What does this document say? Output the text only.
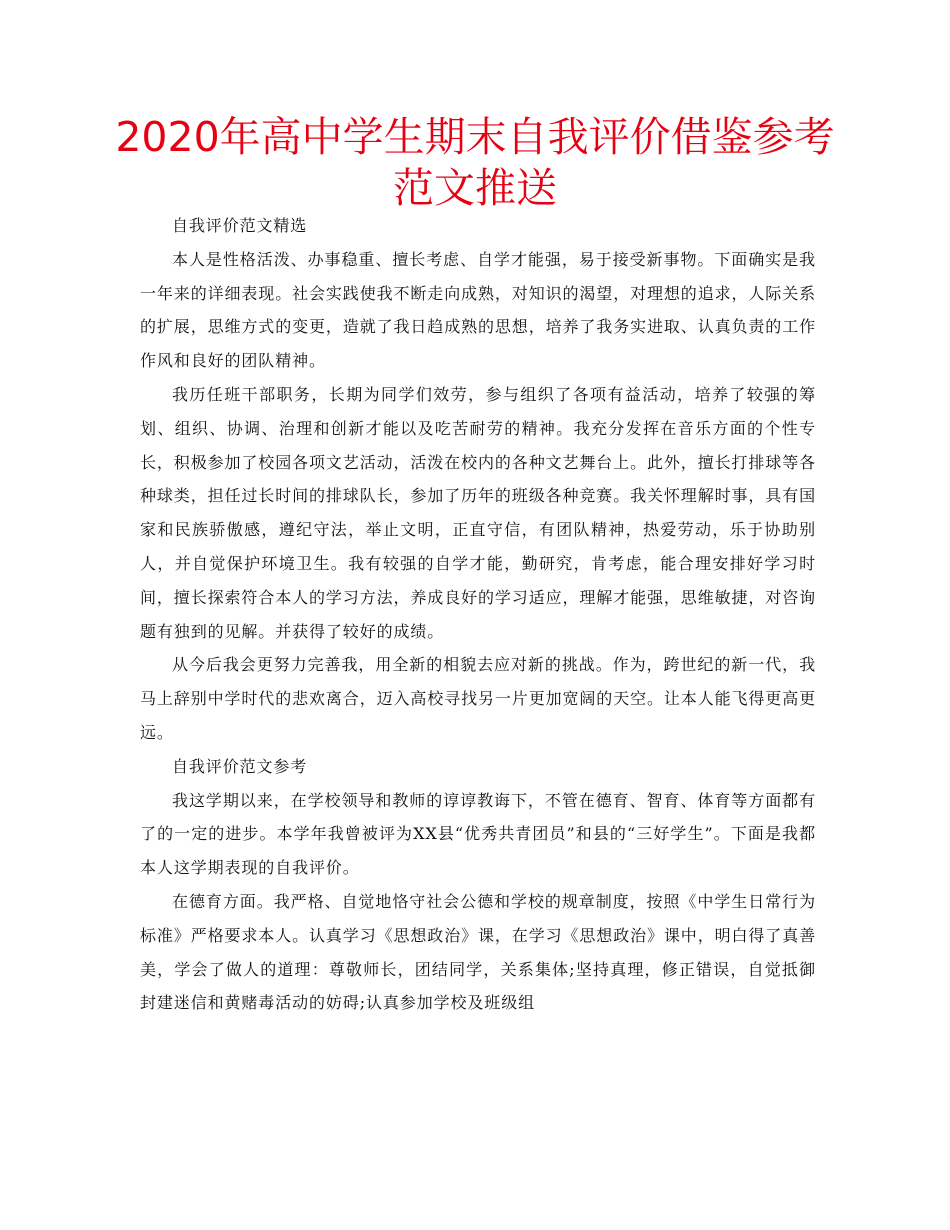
2020年高中学生期末自我评价借鉴参考范文推送

自我评价范文精选

本人是性格活泼、办事稳重、擅长考虑、自学才能强，易于接受新事物。下面确实是我一年来的详细表现。社会实践使我不断走向成熟，对知识的渴望，对理想的追求，人际关系的扩展，思维方式的变更，造就了我日趋成熟的思想，培养了我务实进取、认真负责的工作作风和良好的团队精神。

我历任班干部职务，长期为同学们效劳，参与组织了各项有益活动，培养了较强的筹划、组织、协调、治理和创新才能以及吃苦耐劳的精神。我充分发挥在音乐方面的个性专长，积极参加了校园各项文艺活动，活泼在校内的各种文艺舞台上。此外，擅长打排球等各种球类，担任过长时间的排球队长，参加了历年的班级各种竞赛。我关怀理解时事，具有国家和民族骄傲感，遵纪守法，举止文明，正直守信，有团队精神，热爱劳动，乐于协助别人，并自觉保护环境卫生。我有较强的自学才能，勤研究，肯考虑，能合理安排好学习时间，擅长探索符合本人的学习方法，养成良好的学习适应，理解才能强，思维敏捷，对咨询题有独到的见解。并获得了较好的成绩。

从今后我会更努力完善我，用全新的相貌去应对新的挑战。作为，跨世纪的新一代，我马上辞别中学时代的悲欢离合，迈入高校寻找另一片更加宽阔的天空。让本人能飞得更高更远。

自我评价范文参考

我这学期以来，在学校领导和教师的谆谆教诲下，不管在德育、智育、体育等方面都有了的一定的进步。本学年我曾被评为XX县“优秀共青团员”和县的“三好学生”。下面是我都本人这学期表现的自我评价。

在德育方面。我严格、自觉地恪守社会公德和学校的规章制度，按照《中学生日常行为标准》严格要求本人。认真学习《思想政治》课，在学习《思想政治》课中，明白得了真善美，学会了做人的道理：尊敬师长，团结同学，关系集体;坚持真理，修正错误，自觉抵御封建迷信和黄赌毒活动的妨碍;认真参加学校及班级组
